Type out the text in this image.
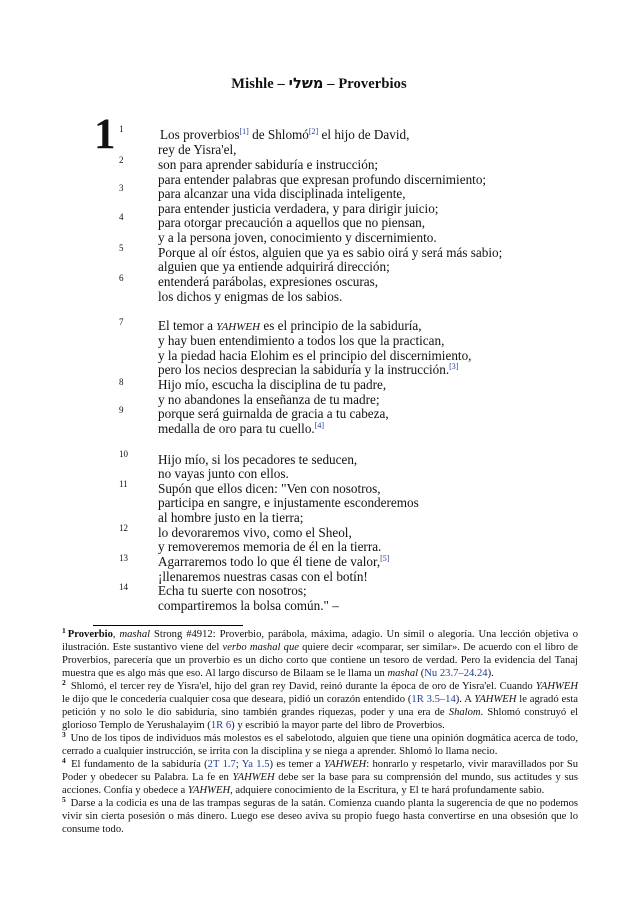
Mishle – משלי – Proverbios
1 1
2
3
4
5
6
7
8
9
10
11
12
13
14
Los proverbios[1] de Shlomó[2] el hijo de David,
rey de Yisra'el,
son para aprender sabiduría e instrucción;
para entender palabras que expresan profundo discernimiento;
para alcanzar una vida disciplinada inteligente,
para entender justicia verdadera, y para dirigir juicio;
para otorgar precaución a aquellos que no piensan,
y a la persona joven, conocimiento y discernimiento.
Porque al oír éstos, alguien que ya es sabio oirá y será más sabio;
alguien que ya entiende adquirirá dirección;
entenderá parábolas, expresiones oscuras,
los dichos y enigmas de los sabios.
El temor a YAHWEH es el principio de la sabiduría,
y hay buen entendimiento a todos los que la practican,
y la piedad hacia Elohim es el principio del discernimiento,
pero los necios desprecian la sabiduría y la instrucción.[3]
Hijo mío, escucha la disciplina de tu padre,
y no abandones la enseñanza de tu madre;
porque será guirnalda de gracia a tu cabeza,
medalla de oro para tu cuello.[4]
Hijo mío, si los pecadores te seducen,
no vayas junto con ellos.
Supón que ellos dicen: "Ven con nosotros,
participa en sangre, e injustamente esconderemos
al hombre justo en la tierra;
lo devoraremos vivo, como el Sheol,
y removeremos memoria de él en la tierra.
Agarraremos todo lo que él tiene de valor,[5]
¡llenaremos nuestras casas con el botín!
Echa tu suerte con nosotros;
compartiremos la bolsa común." –
$^1$ Proverbio, mashal Strong #4912: Proverbio, parábola, máxima, adagio. Un símil o alegoría. Una lección objetiva o ilustración. Este sustantivo viene del verbo mashal que quiere decir «comparar, ser similar». De acuerdo con el libro de Proverbios, parecería que un proverbio es un dicho corto que contiene un tesoro de verdad. Pero la evidencia del Tanaj muestra que es algo más que eso. Al largo discurso de Bilaam se le llama un mashal (Nu 23.7–24.24).
$^2$ Shlomó, el tercer rey de Yisra'el, hijo del gran rey David, reinó durante la época de oro de Yisra'el. Cuando YAHWEH le dijo que le concedería cualquier cosa que deseara, pidió un corazón entendido (1R 3.5–14). A YAHWEH le agradó esta petición y no solo le dio sabiduría, sino también grandes riquezas, poder y una era de Shalom. Shlomó construyó el glorioso Templo de Yerushalayim (1R 6) y escribió la mayor parte del libro de Proverbios.
$^3$ Uno de los tipos de individuos más molestos es el sabelotodo, alguien que tiene una opinión dogmática acerca de todo, cerrado a cualquier instrucción, se irrita con la disciplina y se niega a aprender. Shlomó lo llama necio.
$^4$ El fundamento de la sabiduría (2T 1.7; Ya 1.5) es temer a YAHWEH: honrarlo y respetarlo, vivir maravillados por Su Poder y obedecer su Palabra. La fe en YAHWEH debe ser la base para su comprensión del mundo, sus actitudes y sus acciones. Confía y obedece a YAHWEH, adquiere conocimiento de la Escritura, y El te hará profundamente sabio.
$^5$ Darse a la codicia es una de las trampas seguras de la satán. Comienza cuando planta la sugerencia de que no podemos vivir sin cierta posesión o más dinero. Luego ese deseo aviva su propio fuego hasta convertirse en una obsesión que lo consume todo.
